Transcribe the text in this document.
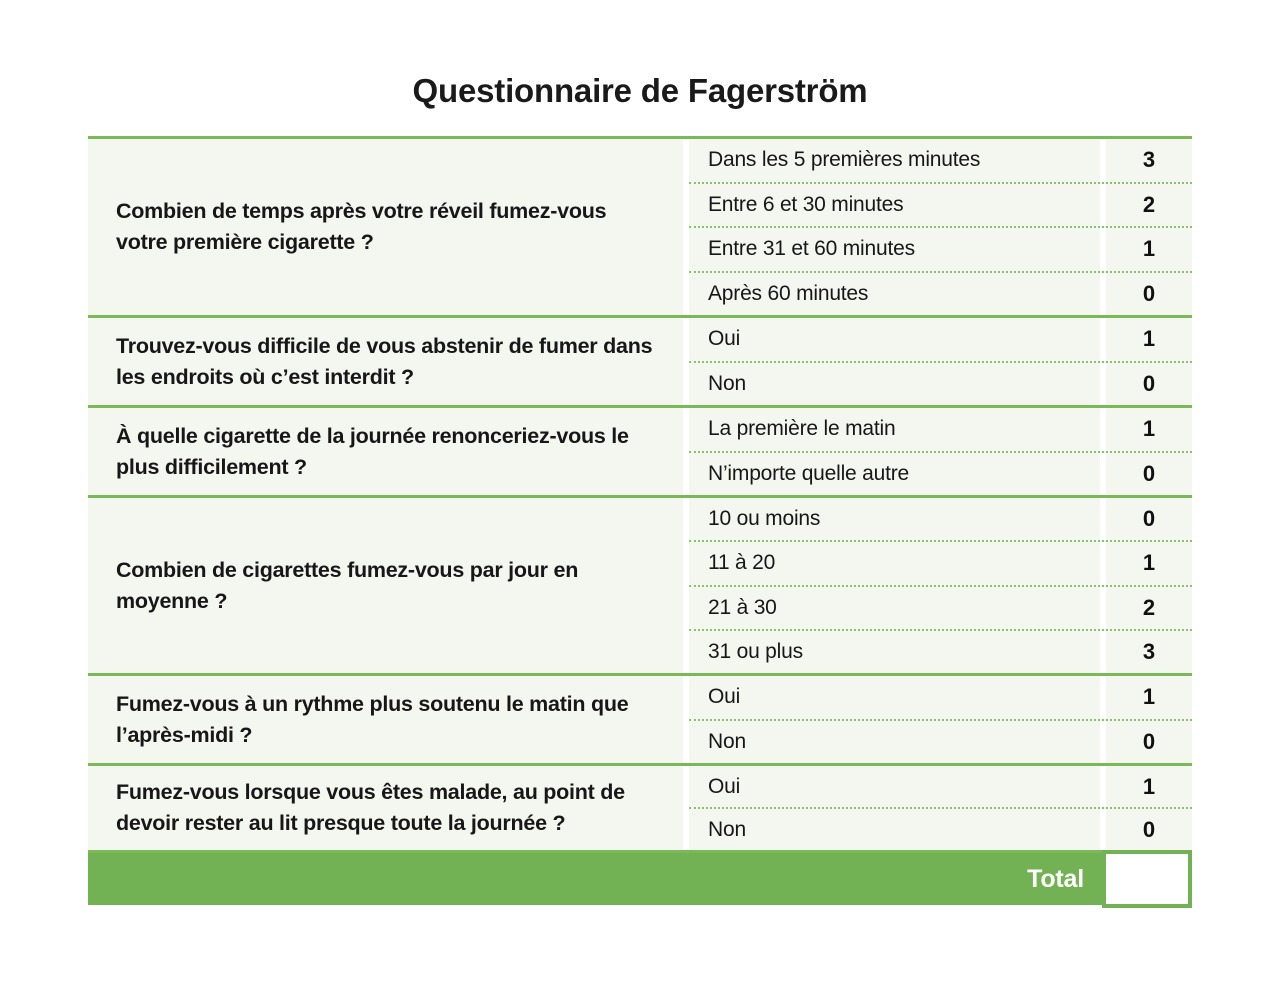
Questionnaire de Fagerström
Combien de temps après votre réveil fumez-vous votre première cigarette ?
Dans les 5 premières minutes	3
Entre 6 et 30 minutes	2
Entre 31 et 60 minutes	1
Après 60 minutes	0
Trouvez-vous difficile de vous abstenir de fumer dans les endroits où c’est interdit ?
Oui	1
Non	0
À quelle cigarette de la journée renonceriez-vous le plus difficilement ?
La première le matin	1
N’importe quelle autre	0
Combien de cigarettes fumez-vous par jour en moyenne ?
10 ou moins	0
11 à 20	1
21 à 30	2
31 ou plus	3
Fumez-vous à un rythme plus soutenu le matin que l’après-midi ?
Oui	1
Non	0
Fumez-vous lorsque vous êtes malade, au point de devoir rester au lit presque toute la journée ?
Oui	1
Non	0
Total
